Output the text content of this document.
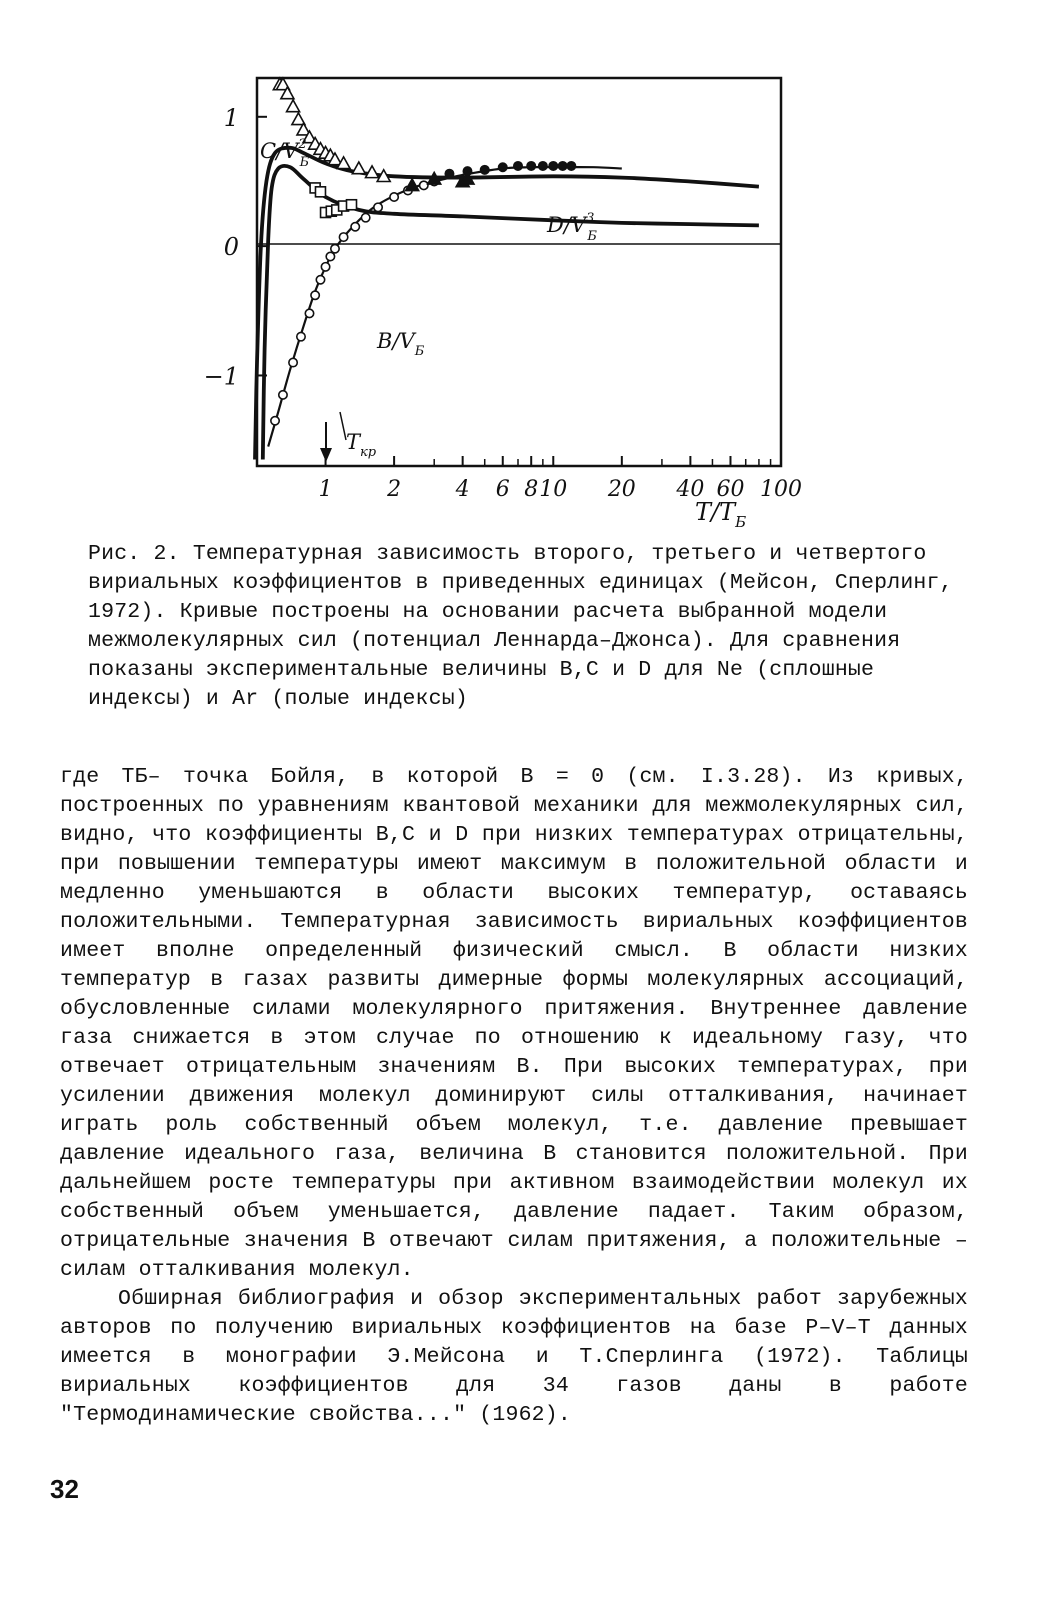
1
0
−1
1 2 4 6 8 10 20 40 60 100
$T/Т_Б$
$C/V^2$ Б
$D/V^3$ Б
$B/V_Б$
$T_{кр}$
Рис. 2. Температурная зависимость второго, третьего и четвертого вириальных коэффициентов в приведенных единицах (Мейсон, Сперлинг, 1972). Кривые построены на основании расчета выбранной модели межмолекулярных сил (потенциал Леннарда–Джонса). Для сравнения показаны экспериментальные величины В,С и D для Ne (сплошные индексы) и Ar (полые индексы)

где ТБ– точка Бойля, в которой В = 0 (см. I.3.28). Из кривых, построенных по уравнениям квантовой механики для межмолекулярных сил, видно, что коэффициенты В,С и D при низких температурах отрицательны, при повышении температуры имеют максимум в положительной области и медленно уменьшаются в области высоких температур, оставаясь положительными. Температурная зависимость вириальных коэффициентов имеет вполне определенный физический смысл. В области низких температур в газах развиты димерные формы молекулярных ассоциаций, обусловленные силами молекулярного притяжения. Внутреннее давление газа снижается в этом случае по отношению к идеальному газу, что отвечает отрицательным значениям В. При высоких температурах, при усилении движения молекул доминируют силы отталкивания, начинает играть роль собственный объем молекул, т.е. давление превышает давление идеального газа, величина В становится положительной. При дальнейшем росте температуры при активном взаимодействии молекул их собственный объем уменьшается, давление падает. Таким образом, отрицательные значения В отвечают силам притяжения, а положительные – силам отталкивания молекул.

Обширная библиография и обзор экспериментальных работ зарубежных авторов по получению вириальных коэффициентов на базе P–V–T данных имеется в монографии Э.Мейсона и Т.Сперлинга (1972). Таблицы вириальных коэффициентов для 34 газов даны в работе "Термодинамические свойства..." (1962).

32
